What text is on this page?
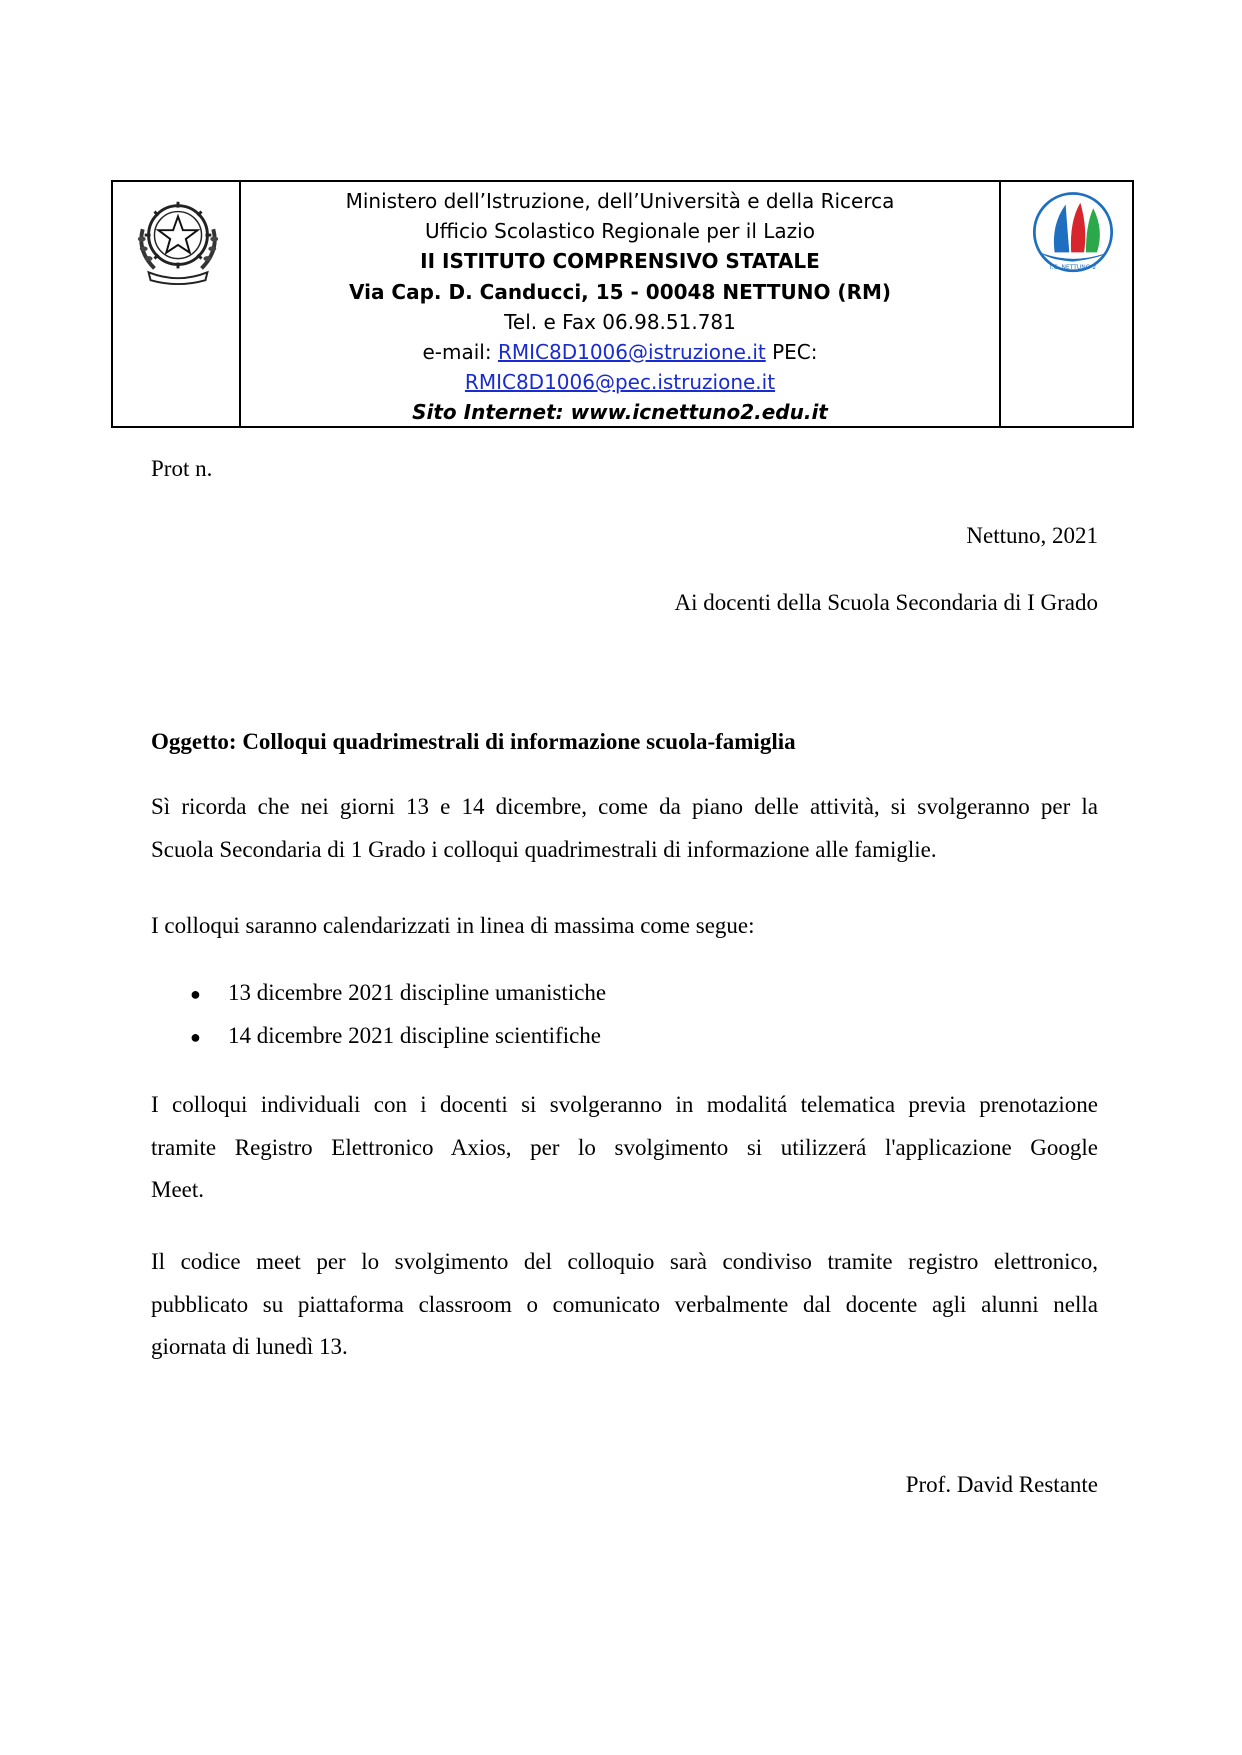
Ministero dell’Istruzione, dell’Università e della Ricerca
Ufficio Scolastico Regionale per il Lazio
II ISTITUTO COMPRENSIVO STATALE
Via Cap. D. Canducci, 15 - 00048 NETTUNO (RM)
Tel. e Fax 06.98.51.781
e-mail: RMIC8D1006@istruzione.it PEC:
RMIC8D1006@pec.istruzione.it
Sito Internet: www.icnettuno2.edu.it
I.C. NETTUNO 2
Prot n.
Nettuno, 2021
Ai docenti della Scuola Secondaria di I Grado
Oggetto: Colloqui quadrimestrali di informazione scuola-famiglia
Sì ricorda che nei giorni 13 e 14 dicembre, come da piano delle attività, si svolgeranno per la
Scuola Secondaria di 1 Grado i colloqui quadrimestrali di informazione alle famiglie.
I colloqui saranno calendarizzati in linea di massima come segue:
● 13 dicembre 2021 discipline umanistiche
● 14 dicembre 2021 discipline scientifiche
I colloqui individuali con i docenti si svolgeranno in modalitá telematica previa prenotazione
tramite Registro Elettronico Axios, per lo svolgimento si utilizzerá l'applicazione Google
Meet.
Il codice meet per lo svolgimento del colloquio sarà condiviso tramite registro elettronico,
pubblicato su piattaforma classroom o comunicato verbalmente dal docente agli alunni nella
giornata di lunedì 13.
Prof. David Restante
